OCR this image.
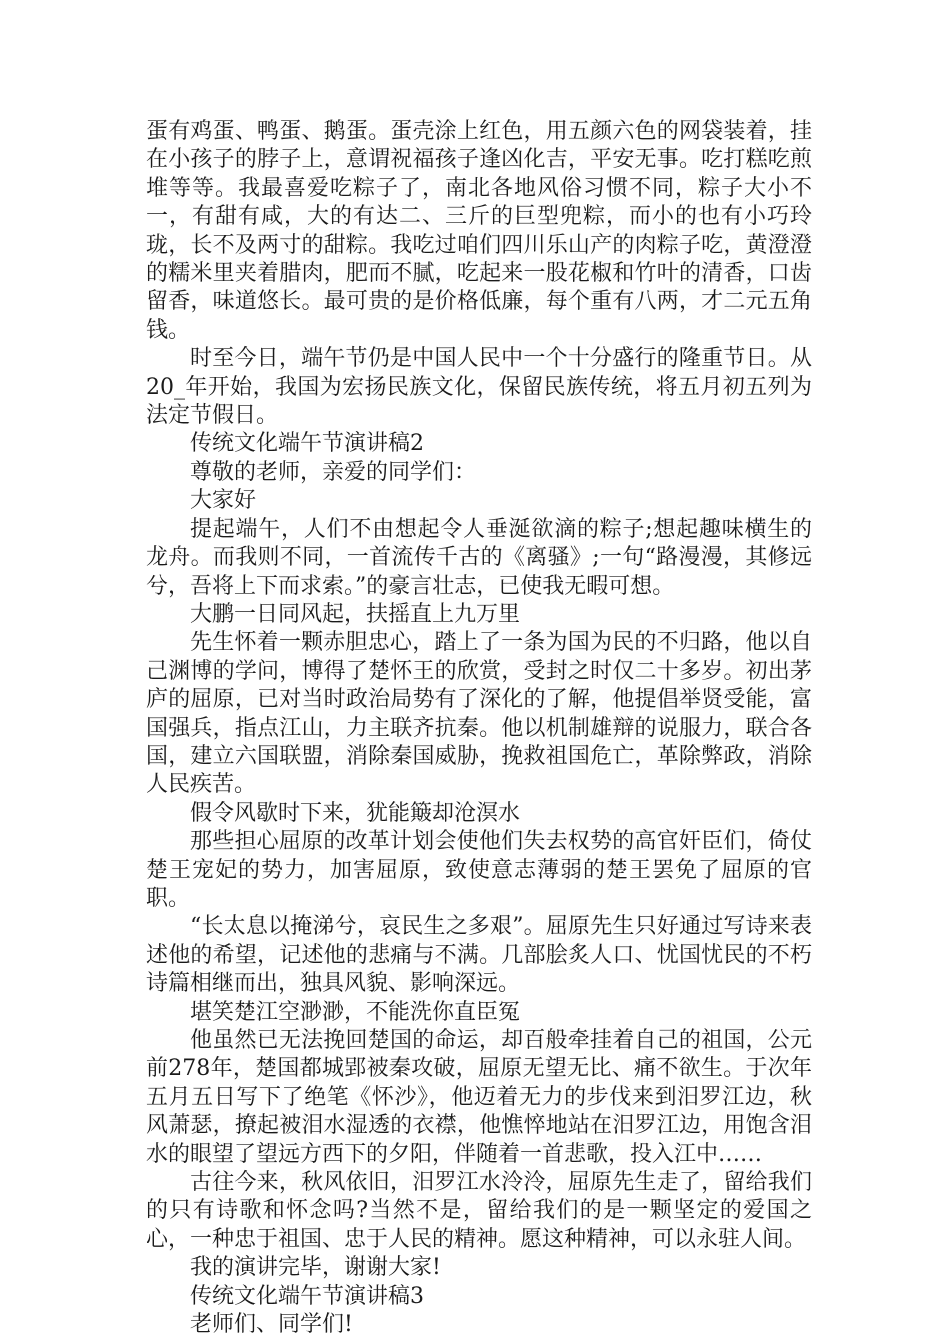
蛋有鸡蛋、鸭蛋、鹅蛋。蛋壳涂上红色，用五颜六色的网袋装着，挂在小孩子的脖子上，意谓祝福孩子逢凶化吉，平安无事。吃打糕吃煎堆等等。我最喜爱吃粽子了，南北各地风俗习惯不同，粽子大小不一，有甜有咸，大的有达二、三斤的巨型兜粽，而小的也有小巧玲珑，长不及两寸的甜粽。我吃过咱们四川乐山产的肉粽子吃，黄澄澄的糯米里夹着腊肉，肥而不腻，吃起来一股花椒和竹叶的清香，口齿留香，味道悠长。最可贵的是价格低廉，每个重有八两，才二元五角钱。

时至今日，端午节仍是中国人民中一个十分盛行的隆重节日。从20_年开始，我国为宏扬民族文化，保留民族传统，将五月初五列为法定节假日。

传统文化端午节演讲稿2

尊敬的老师，亲爱的同学们：

大家好

提起端午，人们不由想起令人垂涎欲滴的粽子;想起趣味横生的龙舟。而我则不同，一首流传千古的《离骚》;一句“路漫漫，其修远兮，吾将上下而求索。”的豪言壮志，已使我无暇可想。

大鹏一日同风起，扶摇直上九万里

先生怀着一颗赤胆忠心，踏上了一条为国为民的不归路，他以自己渊博的学问，博得了楚怀王的欣赏，受封之时仅二十多岁。初出茅庐的屈原，已对当时政治局势有了深化的了解，他提倡举贤受能，富国强兵，指点江山，力主联齐抗秦。他以机制雄辩的说服力，联合各国，建立六国联盟，消除秦国威胁，挽救祖国危亡，革除弊政，消除人民疾苦。

假令风歇时下来，犹能簸却沧溟水

那些担心屈原的改革计划会使他们失去权势的高官奸臣们，倚仗楚王宠妃的势力，加害屈原，致使意志薄弱的楚王罢免了屈原的官职。

“长太息以掩涕兮，哀民生之多艰”。屈原先生只好通过写诗来表述他的希望，记述他的悲痛与不满。几部脍炙人口、忧国忧民的不朽诗篇相继而出，独具风貌、影响深远。

堪笑楚江空渺渺，不能洗你直臣冤

他虽然已无法挽回楚国的命运，却百般牵挂着自己的祖国，公元前278年，楚国都城郢被秦攻破，屈原无望无比、痛不欲生。于次年五月五日写下了绝笔《怀沙》，他迈着无力的步伐来到汨罗江边，秋风萧瑟，撩起被泪水湿透的衣襟，他憔悴地站在汨罗江边，用饱含泪水的眼望了望远方西下的夕阳，伴随着一首悲歌，投入江中……

古往今来，秋风依旧，汨罗江水泠泠，屈原先生走了，留给我们的只有诗歌和怀念吗?当然不是，留给我们的是一颗坚定的爱国之心，一种忠于祖国、忠于人民的精神。愿这种精神，可以永驻人间。

我的演讲完毕，谢谢大家!

传统文化端午节演讲稿3

老师们、同学们!
